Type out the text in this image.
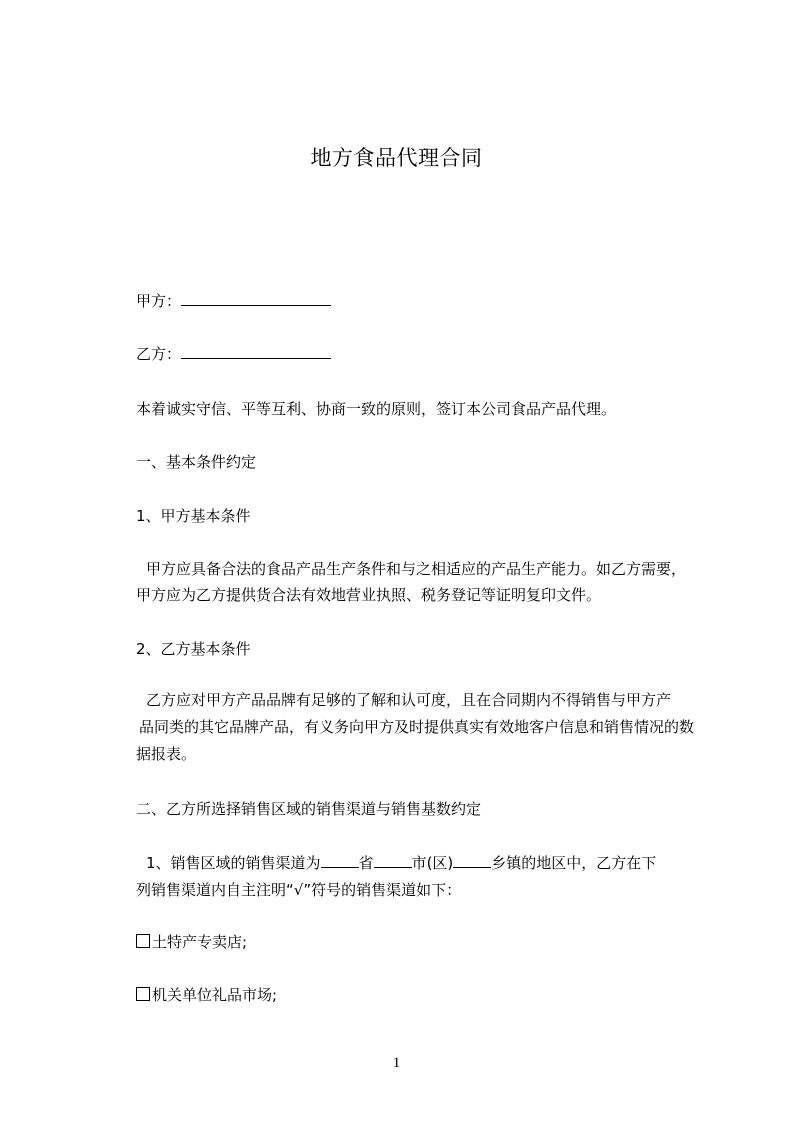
地方食品代理合同
甲方：
乙方：
本着诚实守信、平等互利、协商一致的原则，签订本公司食品产品代理。
一、基本条件约定
1、甲方基本条件
甲方应具备合法的食品产品生产条件和与之相适应的产品生产能力。如乙方需要，
甲方应为乙方提供货合法有效地营业执照、税务登记等证明复印文件。
2、乙方基本条件
乙方应对甲方产品品牌有足够的了解和认可度，且在合同期内不得销售与甲方产
品同类的其它品牌产品，有义务向甲方及时提供真实有效地客户信息和销售情况的数
据报表。
二、乙方所选择销售区域的销售渠道与销售基数约定
1、销售区域的销售渠道为	省	市(区)	乡镇的地区中，乙方在下
列销售渠道内自主注明“√”符号的销售渠道如下：
土特产专卖店;
机关单位礼品市场;
1
